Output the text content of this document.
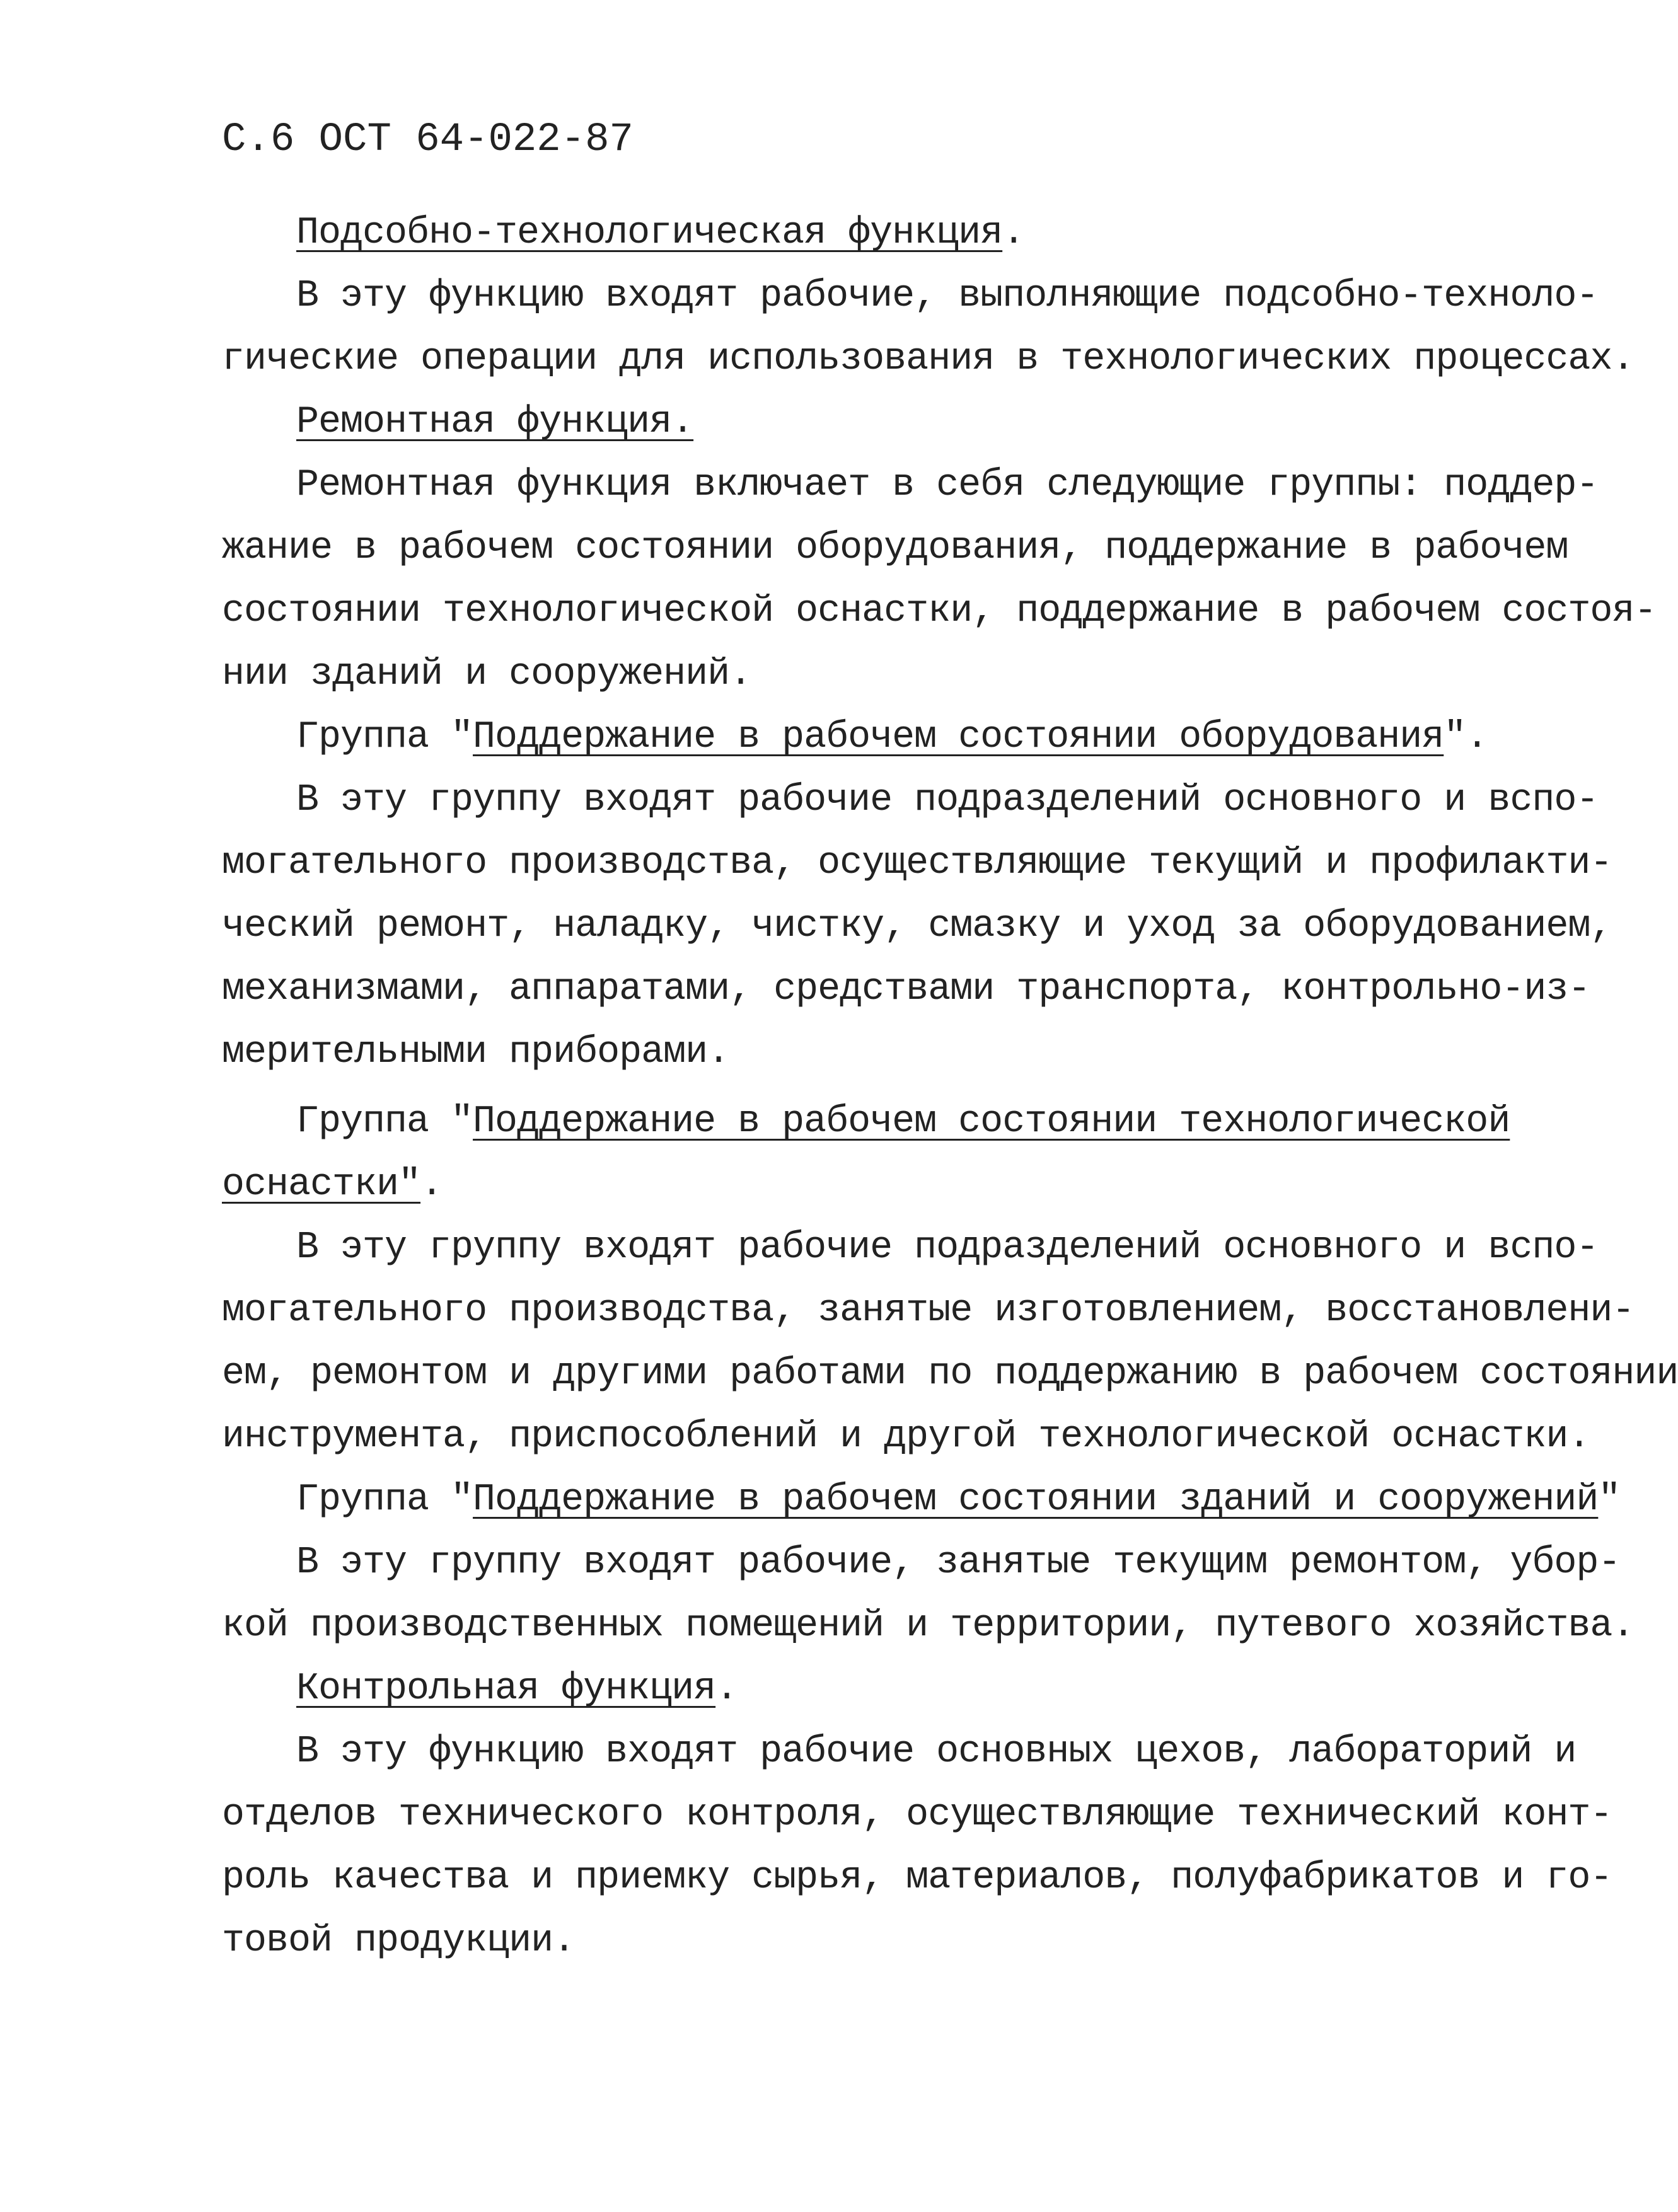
С.6 ОСТ 64-022-87
Подсобно-технологическая функция.
В эту функцию входят рабочие, выполняющие подсобно-техноло-
гические операции для использования в технологических процессах.
Ремонтная функция.
Ремонтная функция включает в себя следующие группы: поддер-
жание в рабочем состоянии оборудования, поддержание в рабочем
состоянии технологической оснастки, поддержание в рабочем состоя-
нии зданий и сооружений.
Группа "Поддержание в рабочем состоянии оборудования".
В эту группу входят рабочие подразделений основного и вспо-
могательного производства, осуществляющие текущий и профилакти-
ческий ремонт, наладку, чистку, смазку и уход за оборудованием,
механизмами, аппаратами, средствами транспорта, контрольно-из-
мерительными приборами.
Группа "Поддержание в рабочем состоянии технологической
оснастки".
В эту группу входят рабочие подразделений основного и вспо-
могательного производства, занятые изготовлением, восстановлени-
ем, ремонтом и другими работами по поддержанию в рабочем состоянии
инструмента, приспособлений и другой технологической оснастки.
Группа "Поддержание в рабочем состоянии зданий и сооружений"
В эту группу входят рабочие, занятые текущим ремонтом, убор-
кой производственных помещений и территории, путевого хозяйства.
Контрольная функция.
В эту функцию входят рабочие основных цехов, лабораторий и
отделов технического контроля, осуществляющие технический конт-
роль качества и приемку сырья, материалов, полуфабрикатов и го-
товой продукции.
